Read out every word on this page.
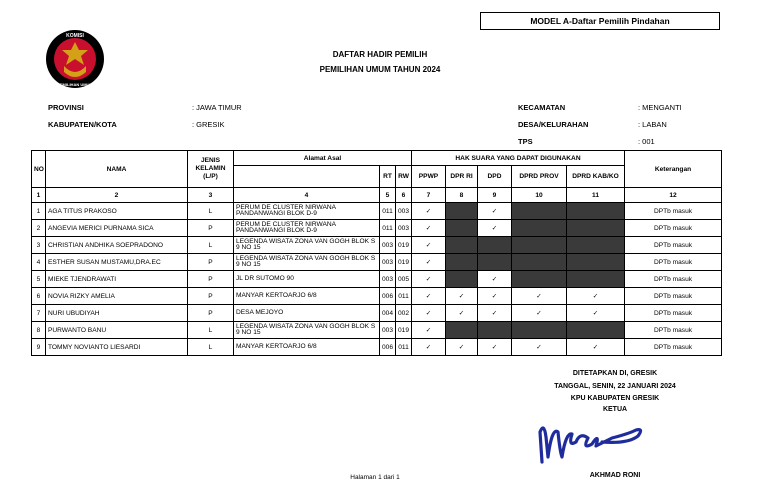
MODEL A-Daftar Pemilih Pindahan
KOMISI
PEMILIHAN UMUM
DAFTAR HADIR PEMILIH
PEMILIHAN UMUM TAHUN 2024
PROVINSI	: JAWA TIMUR
KABUPATEN/KOTA	: GRESIK
KECAMATAN	: MENGANTI
DESA/KELURAHAN	: LABAN
TPS	: 001
NO	NAMA	JENIS KELAMIN (L/P)	Alamat Asal			HAK SUARA YANG DAPAT DIGUNAKAN					Keterangan
				RT	RW	PPWP	DPR RI	DPD	DPRD PROV	DPRD KAB/KO	
1	2	3	4	5	6	7	8	9	10	11	12
1	AGA TITUS PRAKOSO	L	PERUM DE CLUSTER NIRWANA PANDANWANGI BLOK D-9	011	003	✓		✓			DPTb masuk
2	ANGEVIA MERICI PURNAMA SICA	P	PERUM DE CLUSTER NIRWANA PANDANWANGI BLOK D-9	011	003	✓		✓			DPTb masuk
3	CHRISTIAN ANDHIKA SOEPRADONO	L	LEGENDA WISATA ZONA VAN GOGH BLOK S 9 NO 15	003	019	✓					DPTb masuk
4	ESTHER SUSAN MUSTAMU,DRA.EC	P	LEGENDA WISATA ZONA VAN GOGH BLOK S 9 NO 15	003	019	✓					DPTb masuk
5	MIEKE TJENDRAWATI	P	JL DR SUTOMO 90	003	005	✓		✓			DPTb masuk
6	NOVIA RIZKY AMELIA	P	MANYAR KERTOARJO 6/8	006	011	✓	✓	✓	✓	✓	DPTb masuk
7	NURI UBUDIYAH	P	DESA MEJOYO	004	002	✓	✓	✓	✓	✓	DPTb masuk
8	PURWANTO BANU	L	LEGENDA WISATA ZONA VAN GOGH BLOK S 9 NO 15	003	019	✓					DPTb masuk
9	TOMMY NOVIANTO LIESARDI	L	MANYAR KERTOARJO 6/8	006	011	✓	✓	✓	✓	✓	DPTb masuk
DITETAPKAN DI, GRESIK
TANGGAL, SENIN, 22 JANUARI 2024
KPU KABUPATEN GRESIK
KETUA
AKHMAD RONI
Halaman 1 dari 1
